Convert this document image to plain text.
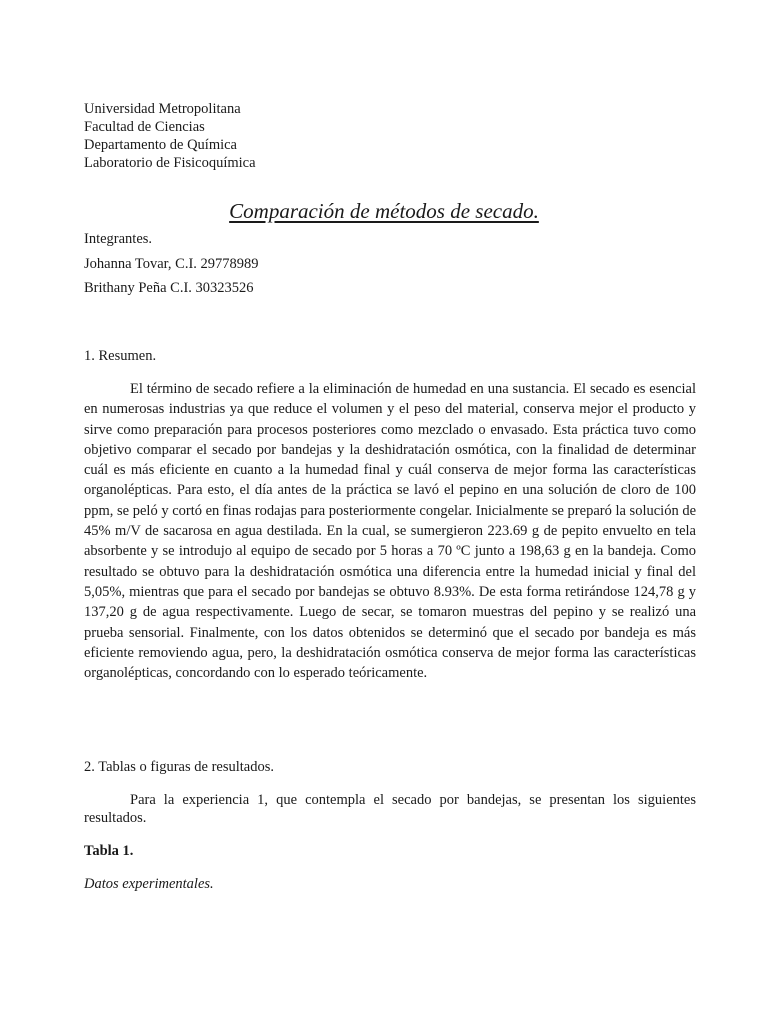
Universidad Metropolitana
Facultad de Ciencias
Departamento de Química
Laboratorio de Fisicoquímica
Comparación de métodos de secado.
Integrantes.
Johanna Tovar, C.I. 29778989
Brithany Peña C.I. 30323526
1. Resumen.

El término de secado refiere a la eliminación de humedad en una sustancia. El secado es esencial en numerosas industrias ya que reduce el volumen y el peso del material, conserva mejor el producto y sirve como preparación para procesos posteriores como mezclado o envasado. Esta práctica tuvo como objetivo comparar el secado por bandejas y la deshidratación osmótica, con la finalidad de determinar cuál es más eficiente en cuanto a la humedad final y cuál conserva de mejor forma las características organolépticas. Para esto, el día antes de la práctica se lavó el pepino en una solución de cloro de 100 ppm, se peló y cortó en finas rodajas para posteriormente congelar. Inicialmente se preparó la solución de 45% m/V de sacarosa en agua destilada. En la cual, se sumergieron 223.69 g de pepito envuelto en tela absorbente y se introdujo al equipo de secado por 5 horas a 70 ºC junto a 198,63 g en la bandeja. Como resultado se obtuvo para la deshidratación osmótica una diferencia entre la humedad inicial y final del 5,05%, mientras que para el secado por bandejas se obtuvo 8.93%. De esta forma retirándose 124,78 g y 137,20 g de agua respectivamente. Luego de secar, se tomaron muestras del pepino y se realizó una prueba sensorial. Finalmente, con los datos obtenidos se determinó que el secado por bandeja es más eficiente removiendo agua, pero, la deshidratación osmótica conserva de mejor forma las características organolépticas, concordando con lo esperado teóricamente.

2. Tablas o figuras de resultados.

Para la experiencia 1, que contempla el secado por bandejas, se presentan los siguientes resultados.

Tabla 1.

Datos experimentales.
